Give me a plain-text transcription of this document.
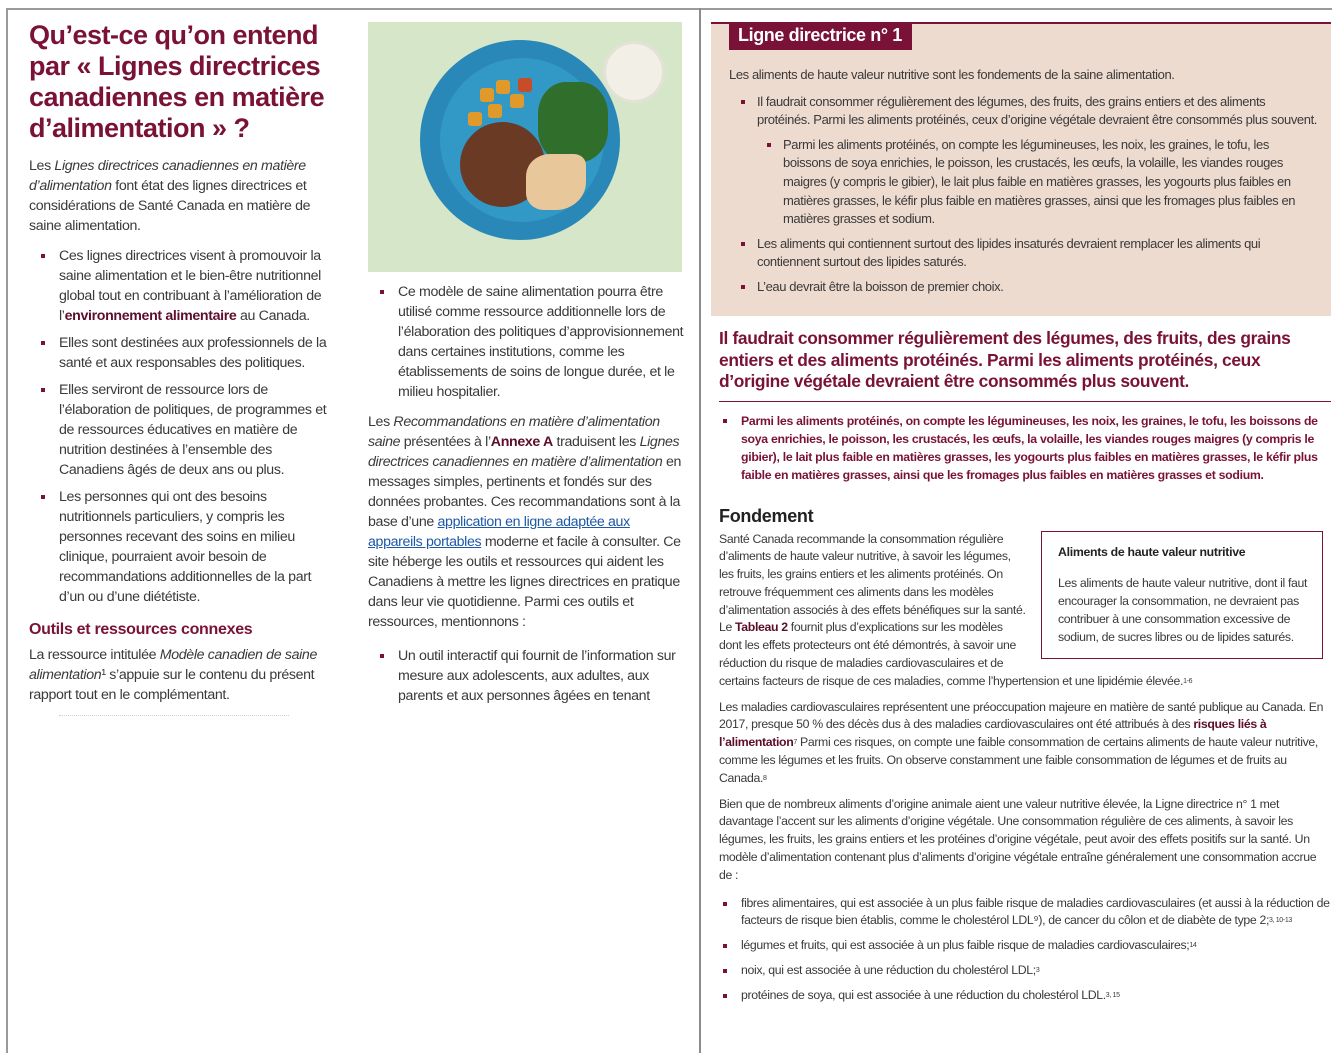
Qu’est-ce qu’on entend par « Lignes directrices canadiennes en matière d’alimentation » ?

Les Lignes directrices canadiennes en matière d’alimentation font état des lignes directrices et considérations de Santé Canada en matière de saine alimentation.

Ces lignes directrices visent à promouvoir la saine alimentation et le bien-être nutritionnel global tout en contribuant à l’amélioration de l’environnement alimentaire au Canada.
Elles sont destinées aux professionnels de la santé et aux responsables des politiques.
Elles serviront de ressource lors de l’élaboration de politiques, de programmes et de ressources éducatives en matière de nutrition destinées à l’ensemble des Canadiens âgés de deux ans ou plus.
Les personnes qui ont des besoins nutritionnels particuliers, y compris les personnes recevant des soins en milieu clinique, pourraient avoir besoin de recommandations additionnelles de la part d’un ou d’une diététiste.
Outils et ressources connexes

La ressource intitulée Modèle canadien de saine alimentation¹ s’appuie sur le contenu du présent rapport tout en le complémentant.

Ce modèle de saine alimentation pourra être utilisé comme ressource additionnelle lors de l’élaboration des politiques d’approvisionnement dans certaines institutions, comme les établissements de soins de longue durée, et le milieu hospitalier.

Les Recommandations en matière d’alimentation saine présentées à l’Annexe A traduisent les Lignes directrices canadiennes en matière d’alimentation en messages simples, pertinents et fondés sur des données probantes. Ces recommandations sont à la base d’une application en ligne adaptée aux appareils portables moderne et facile à consulter. Ce site héberge les outils et ressources qui aident les Canadiens à mettre les lignes directrices en pratique dans leur vie quotidienne. Parmi ces outils et ressources, mentionnons :

Un outil interactif qui fournit de l’information sur mesure aux adolescents, aux adultes, aux parents et aux personnes âgées en tenant
Ligne directrice n° 1

Les aliments de haute valeur nutritive sont les fondements de la saine alimentation.

Il faudrait consommer régulièrement des légumes, des fruits, des grains entiers et des aliments protéinés. Parmi les aliments protéinés, ceux d’origine végétale devraient être consommés plus souvent.
Parmi les aliments protéinés, on compte les légumineuses, les noix, les graines, le tofu, les boissons de soya enrichies, le poisson, les crustacés, les œufs, la volaille, les viandes rouges maigres (y compris le gibier), le lait plus faible en matières grasses, les yogourts plus faibles en matières grasses, le kéfir plus faible en matières grasses, ainsi que les fromages plus faibles en matières grasses et sodium.
Les aliments qui contiennent surtout des lipides insaturés devraient remplacer les aliments qui contiennent surtout des lipides saturés.
L’eau devrait être la boisson de premier choix.
Il faudrait consommer régulièrement des légumes, des fruits, des grains entiers et des aliments protéinés. Parmi les aliments protéinés, ceux d’origine végétale devraient être consommés plus souvent.
Parmi les aliments protéinés, on compte les légumineuses, les noix, les graines, le tofu, les boissons de soya enrichies, le poisson, les crustacés, les œufs, la volaille, les viandes rouges maigres (y compris le gibier), le lait plus faible en matières grasses, les yogourts plus faibles en matières grasses, le kéfir plus faible en matières grasses, ainsi que les fromages plus faibles en matières grasses et sodium.
Fondement
Aliments de haute valeur nutritive
Les aliments de haute valeur nutritive, dont il faut encourager la consommation, ne devraient pas contribuer à une consommation excessive de sodium, de sucres libres ou de lipides saturés.

Santé Canada recommande la consommation régulière d’aliments de haute valeur nutritive, à savoir les légumes, les fruits, les grains entiers et les aliments protéinés. On retrouve fréquemment ces aliments dans les modèles d’alimentation associés à des effets bénéfiques sur la santé. Le Tableau 2 fournit plus d’explications sur les modèles dont les effets protecteurs ont été démontrés, à savoir une réduction du risque de maladies cardiovasculaires et de certains facteurs de risque de ces maladies, comme l’hypertension et une lipidémie élevée.$^{1-6}$

Les maladies cardiovasculaires représentent une préoccupation majeure en matière de santé publique au Canada. En 2017, presque 50 % des décès dus à des maladies cardiovasculaires ont été attribués à des risques liés à l’alimentation$^7$ Parmi ces risques, on compte une faible consommation de certains aliments de haute valeur nutritive, comme les légumes et les fruits. On observe constamment une faible consommation de légumes et de fruits au Canada.$^8$

Bien que de nombreux aliments d’origine animale aient une valeur nutritive élevée, la Ligne directrice n° 1 met davantage l’accent sur les aliments d’origine végétale. Une consommation régulière de ces aliments, à savoir les légumes, les fruits, les grains entiers et les protéines d’origine végétale, peut avoir des effets positifs sur la santé. Un modèle d’alimentation contenant plus d’aliments d’origine végétale entraîne généralement une consommation accrue de :

fibres alimentaires, qui est associée à un plus faible risque de maladies cardiovasculaires (et aussi à la réduction de facteurs de risque bien établis, comme le cholestérol LDL⁹), de cancer du côlon et de diabète de type 2;$^{3, 10-13}$
légumes et fruits, qui est associée à un plus faible risque de maladies cardiovasculaires;$^{14}$
noix, qui est associée à une réduction du cholestérol LDL;$^3$
protéines de soya, qui est associée à une réduction du cholestérol LDL.$^{3, 15}$
